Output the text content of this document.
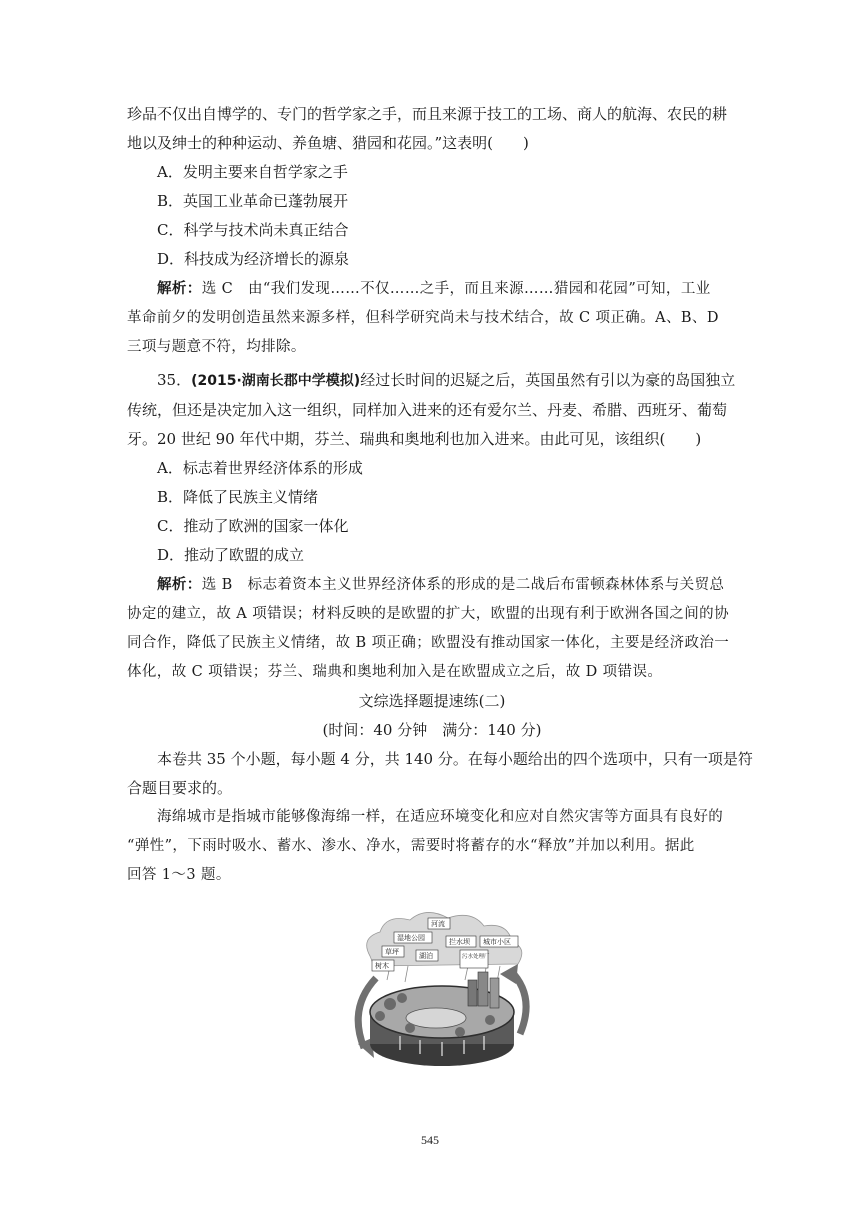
珍品不仅出自博学的、专门的哲学家之手，而且来源于技工的工场、商人的航海、农民的耕
地以及绅士的种种运动、养鱼塘、猎园和花园。”这表明(　　)
A．发明主要来自哲学家之手
B．英国工业革命已蓬勃展开
C．科学与技术尚未真正结合
D．科技成为经济增长的源泉
解析：选 C　由“我们发现……不仅……之手，而且来源……猎园和花园”可知，工业
革命前夕的发明创造虽然来源多样，但科学研究尚未与技术结合，故 C 项正确。A、B、D
三项与题意不符，均排除。
35．(2015·湖南长郡中学模拟)经过长时间的迟疑之后，英国虽然有引以为豪的岛国独立
传统，但还是决定加入这一组织，同样加入进来的还有爱尔兰、丹麦、希腊、西班牙、葡萄
牙。20 世纪 90 年代中期，芬兰、瑞典和奥地利也加入进来。由此可见，该组织(　　)
A．标志着世界经济体系的形成
B．降低了民族主义情绪
C．推动了欧洲的国家一体化
D．推动了欧盟的成立
解析：选 B　标志着资本主义世界经济体系的形成的是二战后布雷顿森林体系与关贸总
协定的建立，故 A 项错误；材料反映的是欧盟的扩大，欧盟的出现有利于欧洲各国之间的协
同合作，降低了民族主义情绪，故 B 项正确；欧盟没有推动国家一体化，主要是经济政治一
体化，故 C 项错误；芬兰、瑞典和奥地利加入是在欧盟成立之后，故 D 项错误。
文综选择题提速练(二)
(时间：40 分钟　满分：140 分)
本卷共 35 个小题，每小题 4 分，共 140 分。在每小题给出的四个选项中，只有一项是符
合题目要求的。
海绵城市是指城市能够像海绵一样，在适应环境变化和应对自然灾害等方面具有良好的
“弹性”，下雨时吸水、蓄水、渗水、净水，需要时将蓄存的水“释放”并加以利用。据此
回答 1～3 题。
河流
湿地公园	拦水坝 城市小区
草坪	湖泊	污水处理厂
树木
545
